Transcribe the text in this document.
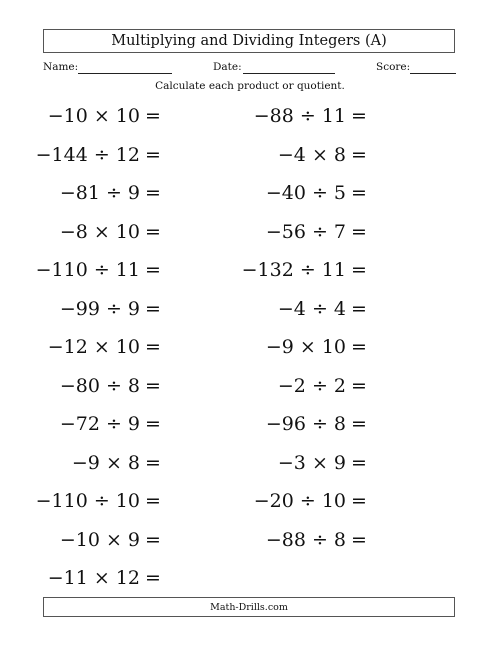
Multiplying and Dividing Integers (A)
Name:	Date:	Score:
Calculate each product or quotient.
−10 × 10 =
−144 ÷ 12 =
−81 ÷ 9 =
−8 × 10 =
−110 ÷ 11 =
−99 ÷ 9 =
−12 × 10 =
−80 ÷ 8 =
−72 ÷ 9 =
−9 × 8 =
−110 ÷ 10 =
−10 × 9 =
−11 × 12 =
−88 ÷ 11 =
−4 × 8 =
−40 ÷ 5 =
−56 ÷ 7 =
−132 ÷ 11 =
−4 ÷ 4 =
−9 × 10 =
−2 ÷ 2 =
−96 ÷ 8 =
−3 × 9 =
−20 ÷ 10 =
−88 ÷ 8 =
Math-Drills.com
